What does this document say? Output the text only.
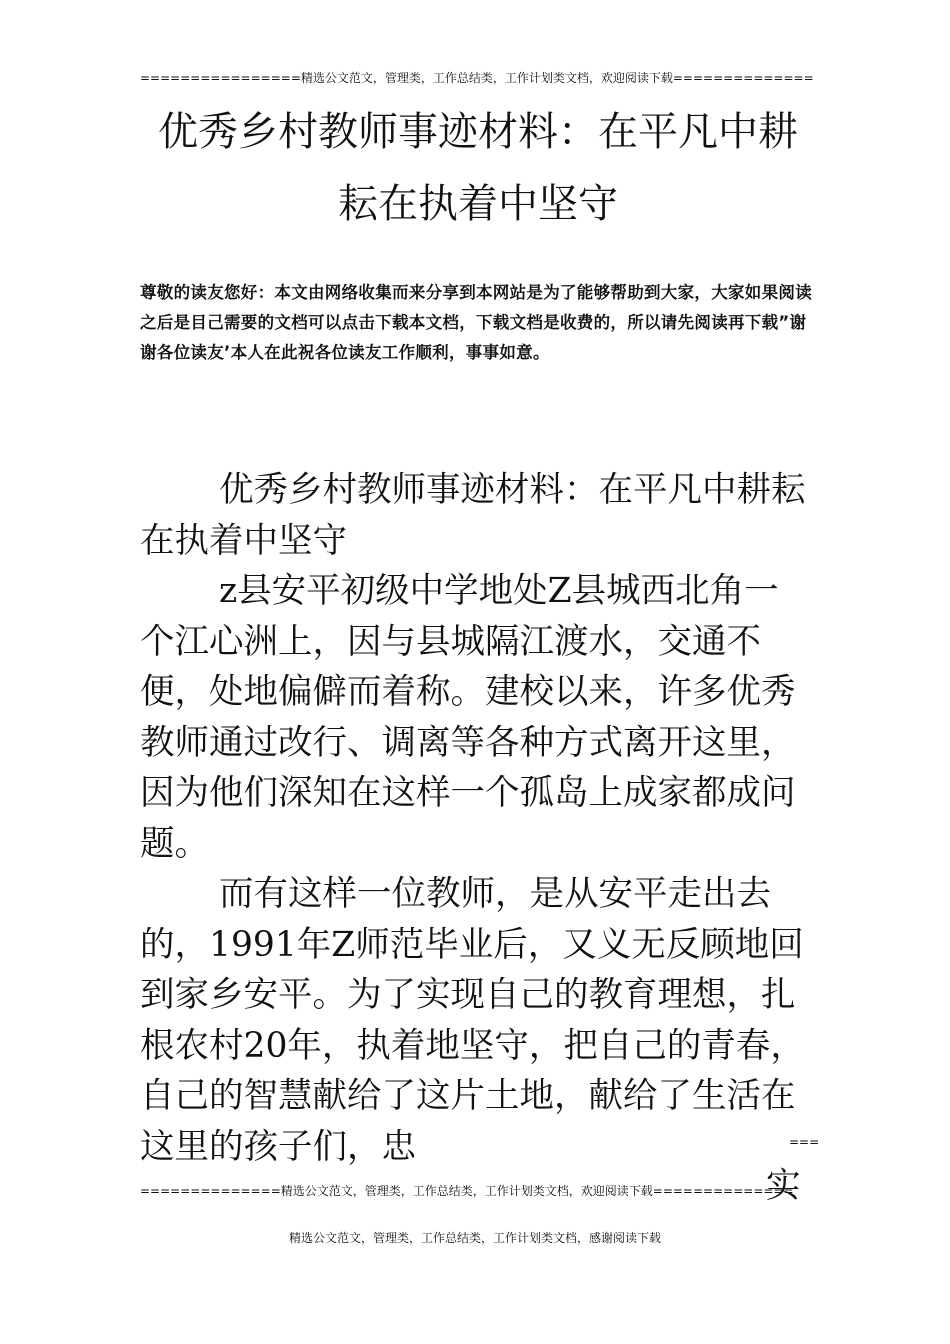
================精选公文范文，管理类，工作总结类，工作计划类文档，欢迎阅读下载==============
优秀乡村教师事迹材料：在平凡中耕
耘在执着中坚守
尊敬的读友您好：本文由网络收集而来分享到本网站是为了能够帮助到大家，大家如果阅读之后是目己需要的文档可以点击下载本文档，下载文档是收费的，所以请先阅读再下载”谢谢各位读友’本人在此祝各位读友工作顺利，事事如意。

优秀乡村教师事迹材料：在平凡中耕耘在执着中坚守

z县安平初级中学地处Z县城西北角一个江心洲上，因与县城隔江渡水，交通不便，处地偏僻而着称。建校以来，许多优秀教师通过改行、调离等各种方式离开这里，因为他们深知在这样一个孤岛上成家都成问题。

而有这样一位教师，是从安平走出去的，1991年Z师范毕业后，又义无反顾地回到家乡安平。为了实现自己的教育理想，扎根农村20年，执着地坚守，把自己的青春，自己的智慧献给了这片土地，献给了生活在这里的孩子们，忠	===
==============精选公文范文，管理类，工作总结类，工作计划类文档，欢迎阅读下载==============
实
精选公文范文，管理类，工作总结类，工作计划类文档，感谢阅读下载
